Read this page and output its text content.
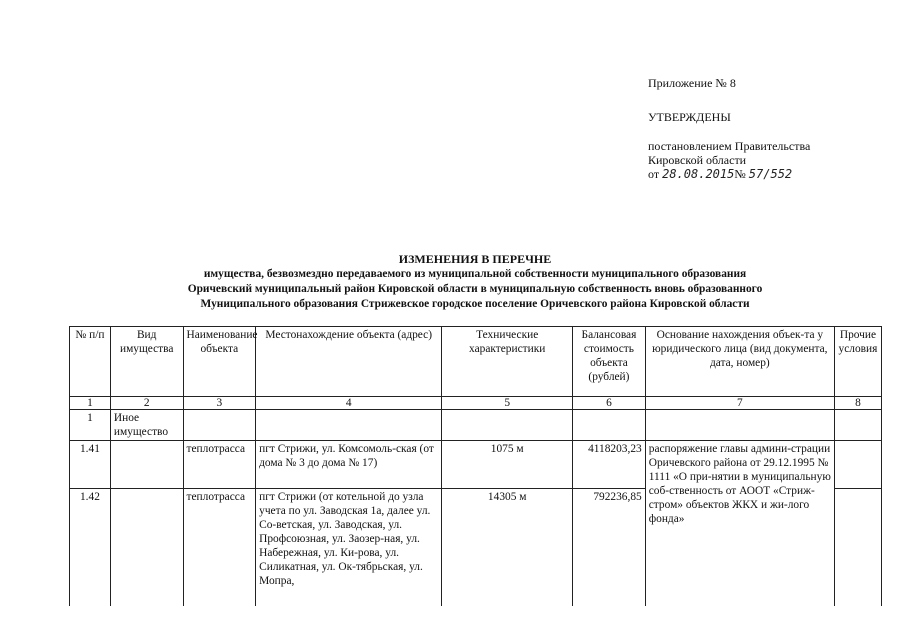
Приложение № 8
УТВЕРЖДЕНЫ
постановлением Правительства
Кировской области
от 28.08.2015№ 57/552
ИЗМЕНЕНИЯ В ПЕРЕЧНЕ
имущества, безвозмездно передаваемого из муниципальной собственности муниципального образования
Оричевский муниципальный район Кировской области в муниципальную собственность вновь образованного
Муниципального образования Стрижевское городское поселение Оричевского района Кировской области
№ п/п	Вид имущества	Наименование объекта	Местонахождение объекта (адрес)	Технические характеристики	Балансовая стоимость объекта (рублей)	Основание нахождения объек-та у юридического лица (вид документа, дата, номер)	Прочие условия
1	2	3	4	5	6	7	8
1	Иное имущество						
1.41		теплотрасса	пгт Стрижи, ул. Комсомоль-ская (от дома № 3 до дома № 17)	1075 м	4118203,23	распоряжение главы админи-страции Оричевского района от 29.12.1995 № 1111 «О при-нятии в муниципальную соб-ственность от АООТ «Стриж-стром» объектов ЖКХ и жи-лого фонда»	
1.42		теплотрасса	пгт Стрижи (от котельной до узла учета по ул. Заводская 1а, далее ул. Со-ветская, ул. Заводская, ул. Профсоюзная, ул. Заозер-ная, ул. Набережная, ул. Ки-рова, ул. Силикатная, ул. Ок-тябрьская, ул. Мопра,	14305 м	792236,85		
